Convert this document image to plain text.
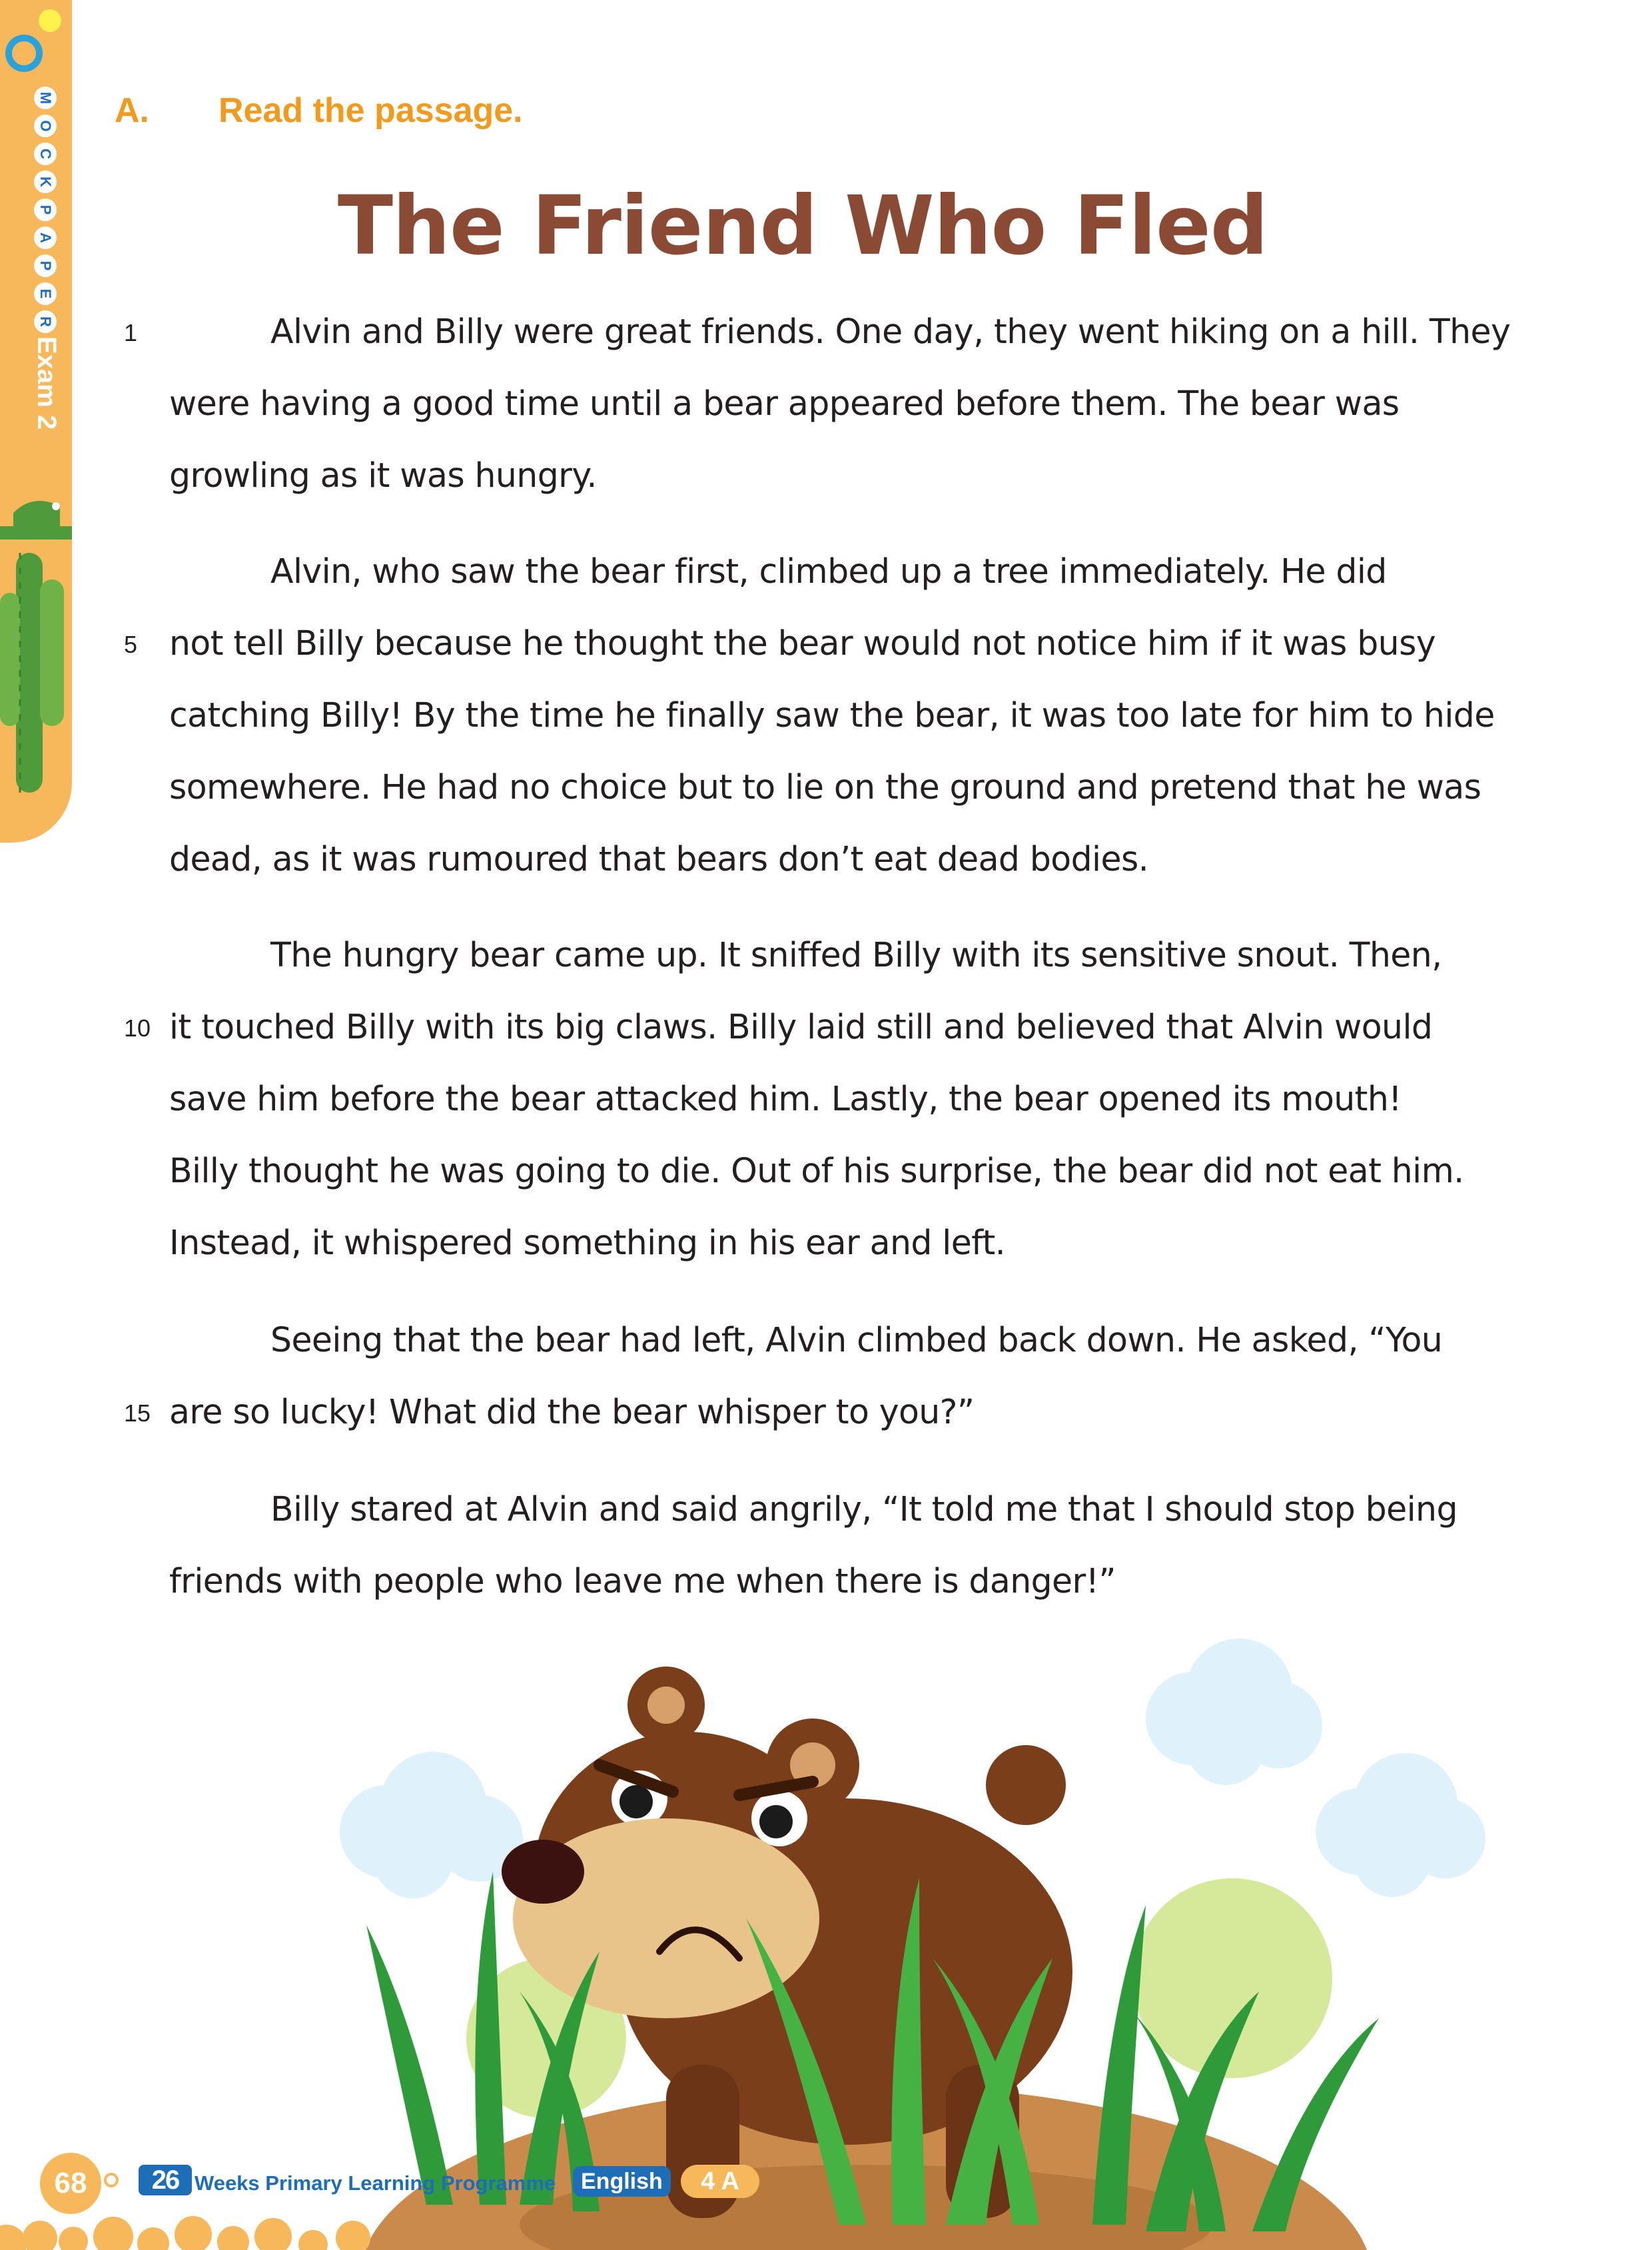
M
O
C
K
P
A
P
E
R
Exam 2
A. Read the passage.
The Friend Who Fled
1
5
10
15
Alvin and Billy were great friends. One day, they went hiking on a hill. They
were having a good time until a bear appeared before them. The bear was
growling as it was hungry.
Alvin, who saw the bear first, climbed up a tree immediately. He did
not tell Billy because he thought the bear would not notice him if it was busy
catching Billy! By the time he finally saw the bear, it was too late for him to hide
somewhere. He had no choice but to lie on the ground and pretend that he was
dead, as it was rumoured that bears don’t eat dead bodies.
The hungry bear came up. It sniffed Billy with its sensitive snout. Then,
it touched Billy with its big claws. Billy laid still and believed that Alvin would
save him before the bear attacked him. Lastly, the bear opened its mouth!
Billy thought he was going to die. Out of his surprise, the bear did not eat him.
Instead, it whispered something in his ear and left.
Seeing that the bear had left, Alvin climbed back down. He asked, “You
are so lucky! What did the bear whisper to you?”
Billy stared at Alvin and said angrily, “It told me that I should stop being
friends with people who leave me when there is danger!”
68	26 Weeks Primary Learning Programme	English	4 A
